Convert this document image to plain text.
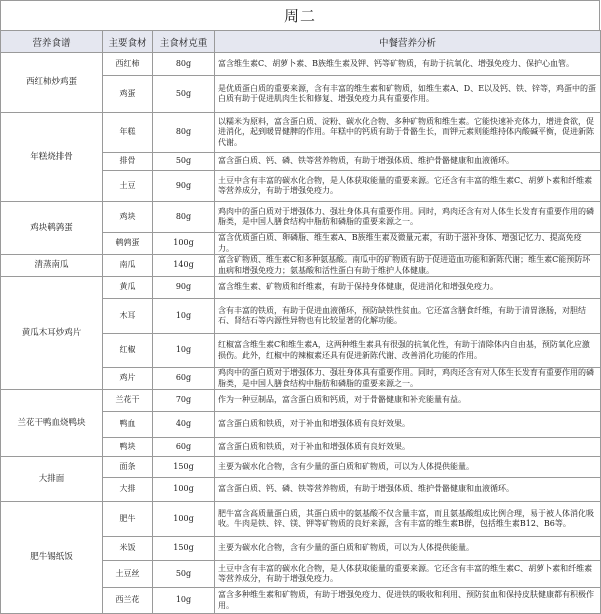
周二
营养食谱	主要食材	主食材克重	中餐营养分析
西红柿炒鸡蛋	西红柿	80g	富含维生素C、胡萝卜素、B族维生素及钾、钙等矿物质，有助于抗氧化、增强免疫力、保护心血管。
	鸡蛋	50g	是优质蛋白质的重要来源，含有丰富的维生素和矿物质，如维生素A、D、E以及钙、铁、锌等，鸡蛋中的蛋白质有助于促进肌肉生长和修复、增强免疫力具有重要作用。
年糕烧排骨	年糕	80g	以糯米为原料，富含蛋白质、淀粉、碳水化合物、多种矿物质和维生素。它能快速补充体力，增进食欲，促进消化，起到暖胃健脾的作用。年糕中的钙质有助于骨骼生长，而钾元素则能维持体内酸碱平衡，促进新陈代谢。
	排骨	50g	富含蛋白质、钙、磷、铁等营养物质，有助于增强体质、维护骨骼健康和血液循环。
	土豆	90g	土豆中含有丰富的碳水化合物，是人体获取能量的重要来源。它还含有丰富的维生素C、胡萝卜素和纤维素等营养成分，有助于增强免疫力。
鸡块鹌鹑蛋	鸡块	80g	鸡肉中的蛋白质对于增强体力、强壮身体具有重要作用。同时，鸡肉还含有对人体生长发育有重要作用的磷脂类，是中国人膳食结构中脂肪和磷脂的重要来源之一。
	鹌鹑蛋	100g	富含优质蛋白质、卵磷脂、维生素A、B族维生素及微量元素，有助于滋补身体、增强记忆力、提高免疫力。
清蒸南瓜	南瓜	140g	富含矿物质、维生素C和多种氨基酸。南瓜中的矿物质有助于促进造血功能和新陈代谢；维生素C能预防坏血病和增强免疫力；氨基酸和活性蛋白有助于维护人体健康。
黄瓜木耳炒鸡片	黄瓜	90g	富含维生素、矿物质和纤维素，有助于保持身体健康，促进消化和增强免疫力。
	木耳	10g	含有丰富的铁质，有助于促进血液循环，预防缺铁性贫血。它还富含膳食纤维，有助于清胃涤肠，对胆结石、肾结石等内源性异物也有比较显著的化解功能。
	红椒	10g	红椒富含维生素C和维生素A，这两种维生素具有很强的抗氧化性，有助于清除体内自由基，预防氧化应激损伤。此外，红椒中的辣椒素还具有促进新陈代谢、改善消化功能的作用。
	鸡片	60g	鸡肉中的蛋白质对于增强体力、强壮身体具有重要作用。同时，鸡肉还含有对人体生长发育有重要作用的磷脂类，是中国人膳食结构中脂肪和磷脂的重要来源之一。
兰花干鸭血烧鸭块	兰花干	70g	作为一种豆制品，富含蛋白质和钙质，对于骨骼健康和补充能量有益。
	鸭血	40g	富含蛋白质和铁质，对于补血和增强体质有良好效果。
	鸭块	60g	富含蛋白质和铁质，对于补血和增强体质有良好效果。
大排面	面条	150g	主要为碳水化合物，含有少量的蛋白质和矿物质，可以为人体提供能量。
	大排	100g	富含蛋白质、钙、磷、铁等营养物质，有助于增强体质、维护骨骼健康和血液循环。
肥牛锡纸饭	肥牛	100g	肥牛富含高质量蛋白质，其蛋白质中的氨基酸不仅含量丰富，而且氨基酸组成比例合理，易于被人体消化吸收。牛肉是铁、锌、镁、钾等矿物质的良好来源，含有丰富的维生素B群，包括维生素B12、B6等。
	米饭	150g	主要为碳水化合物，含有少量的蛋白质和矿物质，可以为人体提供能量。
	土豆丝	50g	土豆中含有丰富的碳水化合物，是人体获取能量的重要来源。它还含有丰富的维生素C、胡萝卜素和纤维素等营养成分，有助于增强免疫力。
	西兰花	10g	富含多种维生素和矿物质，有助于增强免疫力、促进铁的吸收和利用、预防贫血和保持皮肤健康都有积极作用。
